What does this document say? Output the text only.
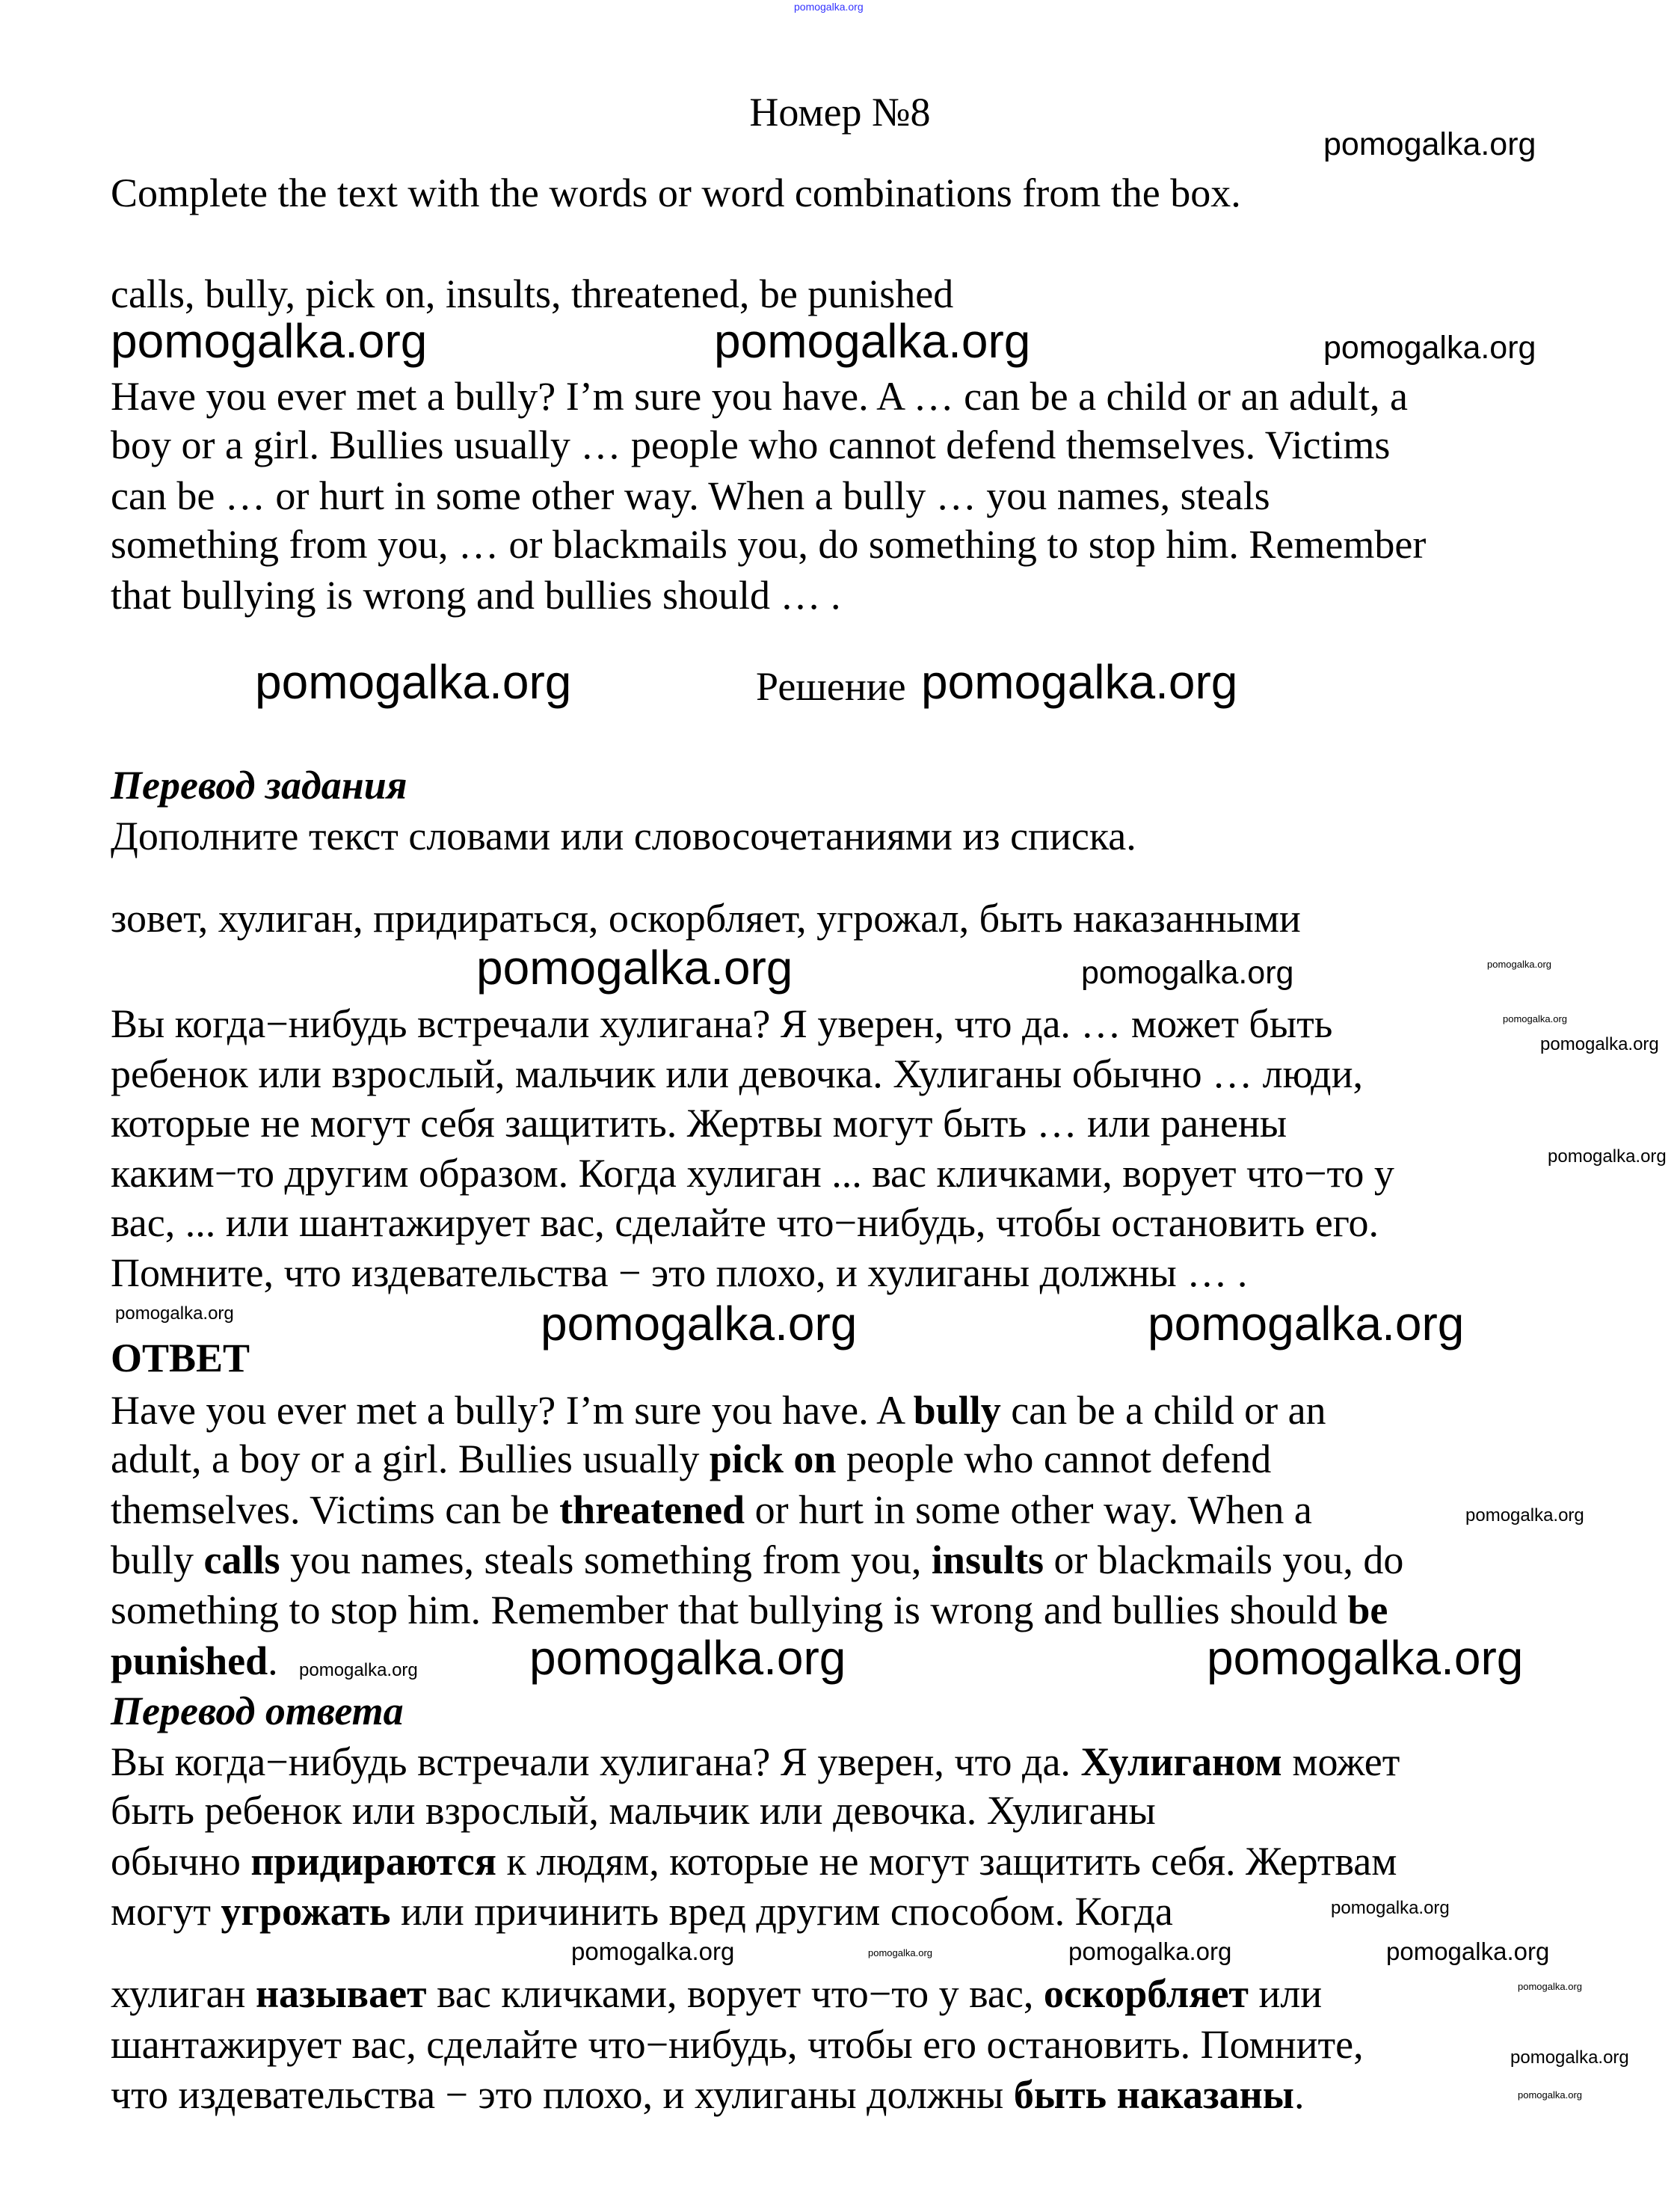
pomogalka.org
pomogalka.org
pomogalka.org	pomogalka.org	pomogalka.org
pomogalka.org	pomogalka.org
pomogalka.org	pomogalka.org	pomogalka.org
pomogalka.org
pomogalka.org
pomogalka.org
pomogalka.org	pomogalka.org	pomogalka.org
pomogalka.org
pomogalka.org pomogalka.org	pomogalka.org
pomogalka.org
pomogalka.org	pomogalka.org	pomogalka.org	pomogalka.org
pomogalka.org
pomogalka.org
pomogalka.org
Номер №8
Complete the text with the words or word combinations from the box.
calls, bully, pick on, insults, threatened, be punished
Have you ever met a bully? I’m sure you have. A … can be a child or an adult, a
boy or a girl. Bullies usually … people who cannot defend themselves. Victims
can be … or hurt in some other way. When a bully … you names, steals
something from you, … or blackmails you, do something to stop him. Remember
that bullying is wrong and bullies should … .
Решение
Перевод задания
Дополните текст словами или словосочетаниями из списка.
зовет, хулиган, придираться, оскорбляет, угрожал, быть наказанными
Вы когда−нибудь встречали хулигана? Я уверен, что да. … может быть
ребенок или взрослый, мальчик или девочка. Хулиганы обычно … люди,
которые не могут себя защитить. Жертвы могут быть … или ранены
каким−то другим образом. Когда хулиган ... вас кличками, ворует что−то у
вас, ... или шантажирует вас, сделайте что−нибудь, чтобы остановить его.
Помните, что издевательства − это плохо, и хулиганы должны … .
ОТВЕТ
Have you ever met a bully? I’m sure you have. A bully can be a child or an
adult, a boy or a girl. Bullies usually pick on people who cannot defend
themselves. Victims can be threatened or hurt in some other way. When a
bully calls you names, steals something from you, insults or blackmails you, do
something to stop him. Remember that bullying is wrong and bullies should be
punished.
Перевод ответа
Вы когда−нибудь встречали хулигана? Я уверен, что да. Хулиганом может
быть ребенок или взрослый, мальчик или девочка. Хулиганы
обычно придираются к людям, которые не могут защитить себя. Жертвам
могут угрожать или причинить вред другим способом. Когда
хулиган называет вас кличками, ворует что−то у вас, оскорбляет или
шантажирует вас, сделайте что−нибудь, чтобы его остановить. Помните,
что издевательства − это плохо, и хулиганы должны быть наказаны.
